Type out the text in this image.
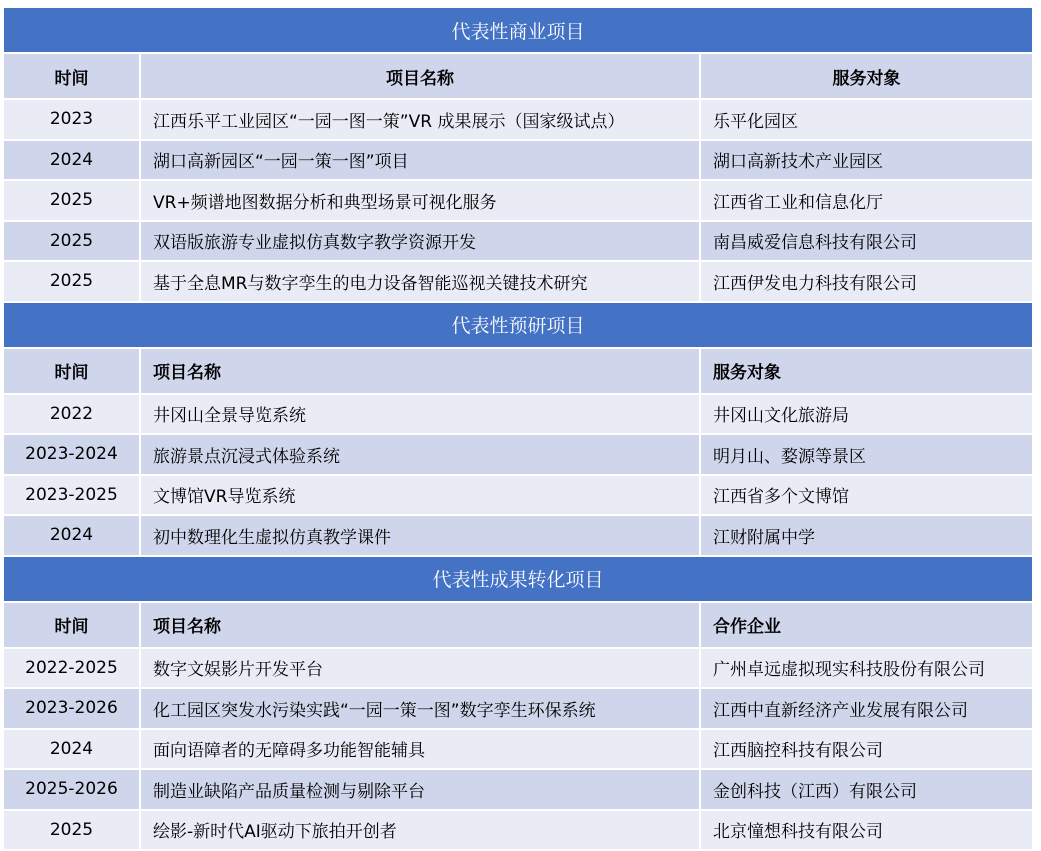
代表性商业项目		
时间	项目名称	服务对象
2023	江西乐平工业园区“一园一图一策”VR 成果展示（国家级试点）	乐平化园区
2024	湖口高新园区“一园一策一图”项目	湖口高新技术产业园区
2025	VR+频谱地图数据分析和典型场景可视化服务	江西省工业和信息化厅
2025	双语版旅游专业虚拟仿真数字教学资源开发	南昌威爱信息科技有限公司
2025	基于全息MR与数字孪生的电力设备智能巡视关键技术研究	江西伊发电力科技有限公司
代表性预研项目		
时间	项目名称	服务对象
2022	井冈山全景导览系统	井冈山文化旅游局
2023-2024	旅游景点沉浸式体验系统	明月山、婺源等景区
2023-2025	文博馆VR导览系统	江西省多个文博馆
2024	初中数理化生虚拟仿真教学课件	江财附属中学
代表性成果转化项目		
时间	项目名称	合作企业
2022-2025	数字文娱影片开发平台	广州卓远虚拟现实科技股份有限公司
2023-2026	化工园区突发水污染实践“一园一策一图”数字孪生环保系统	江西中直新经济产业发展有限公司
2024	面向语障者的无障碍多功能智能辅具	江西脑控科技有限公司
2025-2026	制造业缺陷产品质量检测与剔除平台	金创科技（江西）有限公司
2025	绘影-新时代AI驱动下旅拍开创者	北京憧想科技有限公司
